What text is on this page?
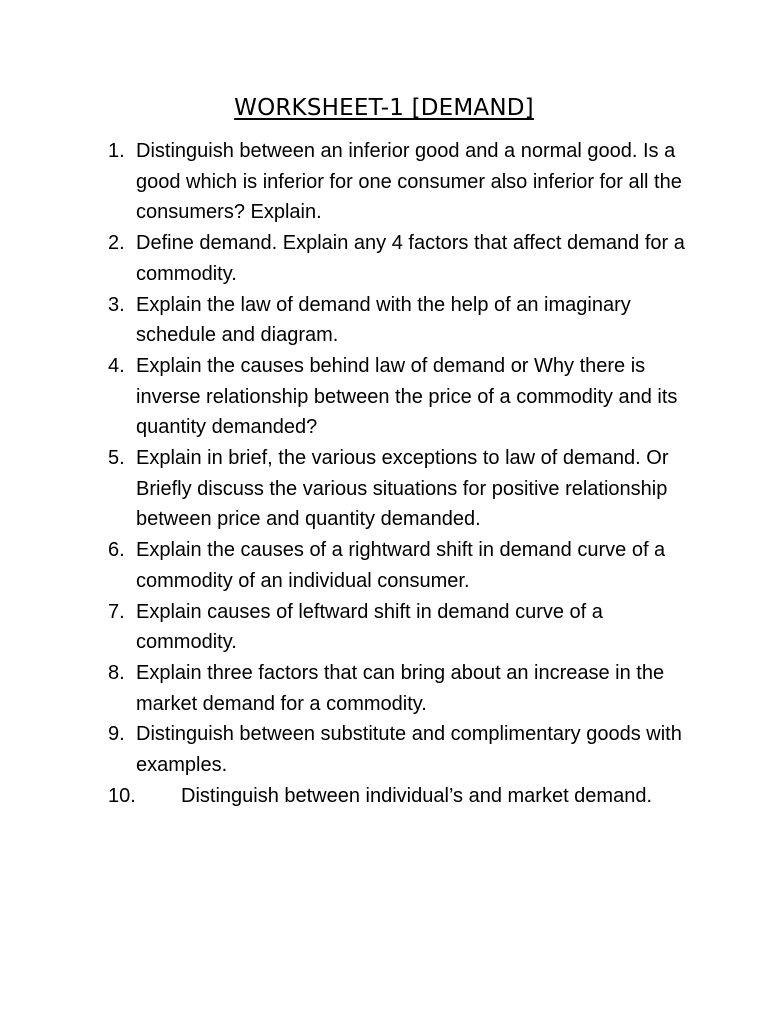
WORKSHEET-1 [DEMAND]
1. Distinguish between an inferior good and a normal good. Is a good which is inferior for one consumer also inferior for all the consumers? Explain.
2. Define demand. Explain any 4 factors that affect demand for a commodity.
3. Explain the law of demand with the help of an imaginary schedule and diagram.
4. Explain the causes behind law of demand or Why there is inverse relationship between the price of a commodity and its quantity demanded?
5. Explain in brief, the various exceptions to law of demand. Or Briefly discuss the various situations for positive relationship between price and quantity demanded.
6. Explain the causes of a rightward shift in demand curve of a commodity of an individual consumer.
7. Explain causes of leftward shift in demand curve of a commodity.
8. Explain three factors that can bring about an increase in the market demand for a commodity.
9. Distinguish between substitute and complimentary goods with examples.
10. Distinguish between individual’s and market demand.
